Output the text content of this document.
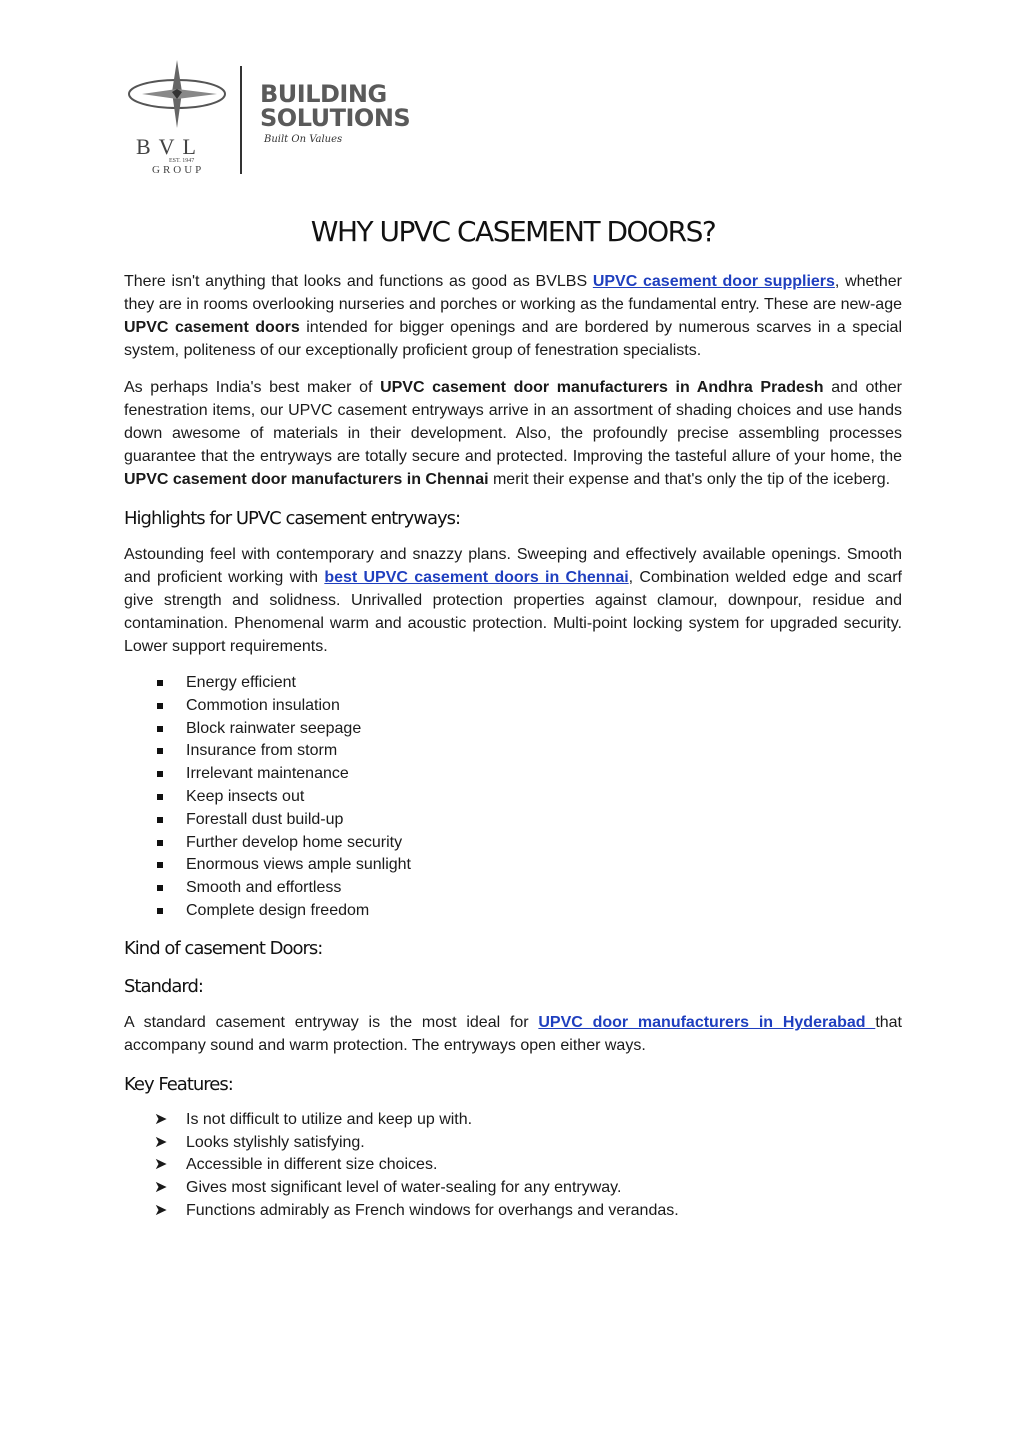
BVL
EST. 1947
GROUP
BUILDING
SOLUTIONS
Built On Values
WHY UPVC CASEMENT DOORS?

There isn't anything that looks and functions as good as BVLBS UPVC casement door suppliers, whether they are in rooms overlooking nurseries and porches or working as the fundamental entry. These are new-age UPVC casement doors intended for bigger openings and are bordered by numerous scarves in a special system, politeness of our exceptionally proficient group of fenestration specialists.

As perhaps India's best maker of UPVC casement door manufacturers in Andhra Pradesh and other fenestration items, our UPVC casement entryways arrive in an assortment of shading choices and use hands down awesome of materials in their development. Also, the profoundly precise assembling processes guarantee that the entryways are totally secure and protected. Improving the tasteful allure of your home, the UPVC casement door manufacturers in Chennai merit their expense and that's only the tip of the iceberg.

Highlights for UPVC casement entryways:

Astounding feel with contemporary and snazzy plans. Sweeping and effectively available openings. Smooth and proficient working with best UPVC casement doors in Chennai, Combination welded edge and scarf give strength and solidness. Unrivalled protection properties against clamour, downpour, residue and contamination. Phenomenal warm and acoustic protection. Multi-point locking system for upgraded security. Lower support requirements.

Energy efficient
Commotion insulation
Block rainwater seepage
Insurance from storm
Irrelevant maintenance
Keep insects out
Forestall dust build-up
Further develop home security
Enormous views ample sunlight
Smooth and effortless
Complete design freedom
Kind of casement Doors:
Standard:

A standard casement entryway is the most ideal for UPVC door manufacturers in Hyderabad that accompany sound and warm protection. The entryways open either ways.

Key Features:
➤ Is not difficult to utilize and keep up with.
➤ Looks stylishly satisfying.
➤ Accessible in different size choices.
➤ Gives most significant level of water-sealing for any entryway.
➤ Functions admirably as French windows for overhangs and verandas.
